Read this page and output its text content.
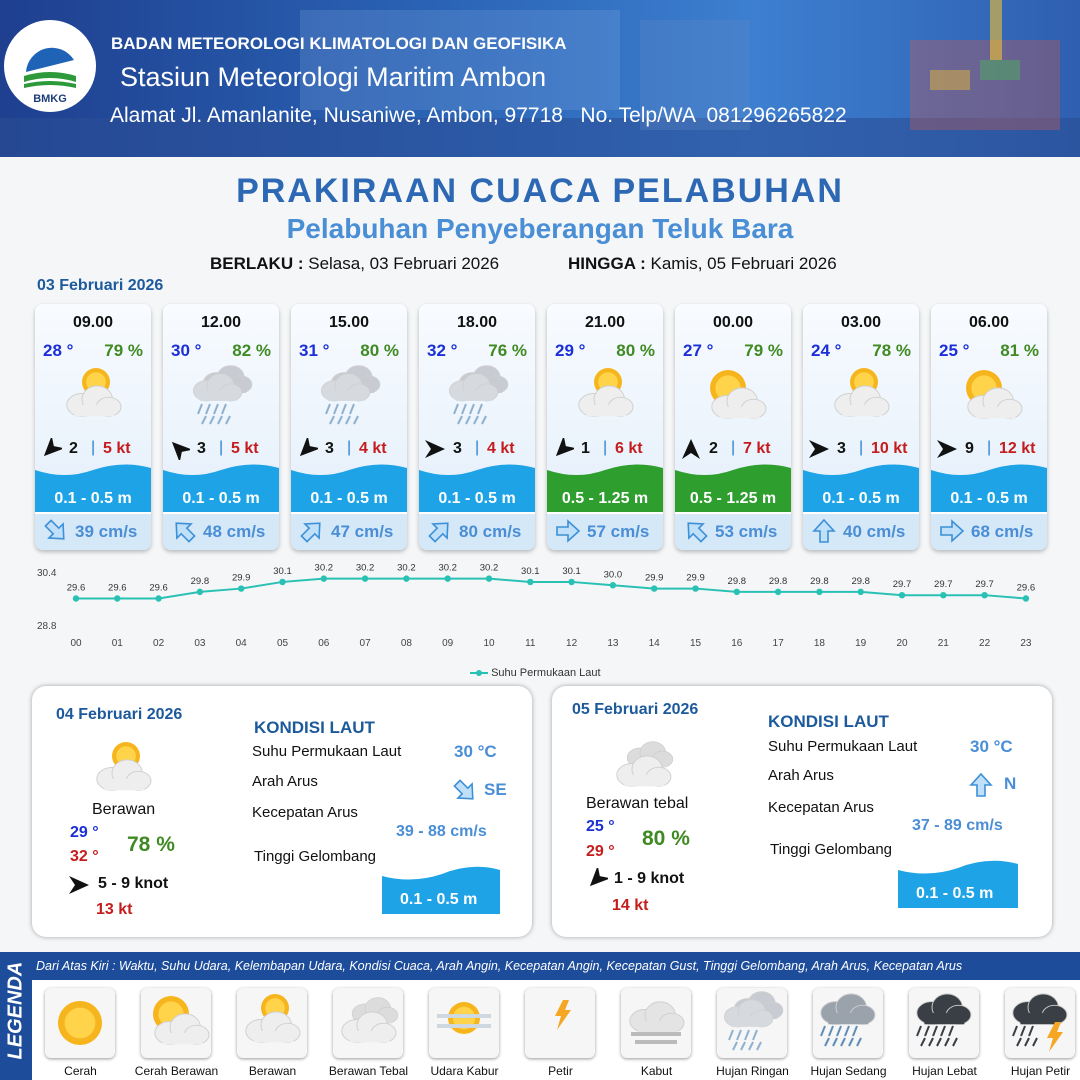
BMKG
BADAN METEOROLOGI KLIMATOLOGI DAN GEOFISIKA
Stasiun Meteorologi Maritim Ambon
Alamat Jl. Amanlanite, Nusaniwe, Ambon, 97718   No. Telp/WA  081296265822
PRAKIRAAN CUACA PELABUHAN
Pelabuhan Penyeberangan Teluk Bara
BERLAKU : Selasa, 03 Februari 2026	HINGGA : Kamis, 05 Februari 2026
03 Februari 2026
09.00
28 ° 79 %
2 | 5 kt
0.1 - 0.5 m
39 cm/s
12.00
30 ° 82 %
3 | 5 kt
0.1 - 0.5 m
48 cm/s
15.00
31 ° 80 %
3 | 4 kt
0.1 - 0.5 m
47 cm/s
18.00
32 ° 76 %
3 | 4 kt
0.1 - 0.5 m
80 cm/s
21.00
29 ° 80 %
1 | 6 kt
0.5 - 1.25 m
57 cm/s
00.00
27 ° 79 %
2 | 7 kt
0.5 - 1.25 m
53 cm/s
03.00
24 ° 78 %
3 | 10 kt
0.1 - 0.5 m
40 cm/s
06.00
25 ° 81 %
9 | 12 kt
0.1 - 0.5 m
68 cm/s
30.4
28.8
29.6
00
29.6
01
29.6
02
29.8
03
29.9
04
30.1
05
30.2
06
30.2
07
30.2
08
30.2
09
30.2
10
30.1
11
30.1
12
30.0
13
29.9
14
29.9
15
29.8
16
29.8
17
29.8
18
29.8
19
29.7
20
29.7
21
29.7
22
29.6
23
Suhu Permukaan Laut
04 Februari 2026
Berawan
29 °
32 °
78 %
5 - 9 knot
13 kt
KONDISI LAUT
Suhu Permukaan Laut	30 °C
Arah Arus	SE
Kecepatan Arus
39 - 88 cm/s
Tinggi Gelombang
0.1 - 0.5 m
05 Februari 2026
Berawan tebal
25 °
29 °
80 %
1 - 9 knot
14 kt
KONDISI LAUT
Suhu Permukaan Laut	30 °C
Arah Arus	N
Kecepatan Arus
37 - 89 cm/s
Tinggi Gelombang
0.1 - 0.5 m
LEGENDA Dari Atas Kiri : Waktu, Suhu Udara, Kelembapan Udara, Kondisi Cuaca, Arah Angin, Kecepatan Angin, Kecepatan Gust, Tinggi Gelombang, Arah Arus, Kecepatan Arus
Cerah	Cerah Berawan	Berawan	Berawan Tebal	Udara Kabur	Petir	Kabut	Hujan Ringan	Hujan Sedang	Hujan Lebat	Hujan Petir
